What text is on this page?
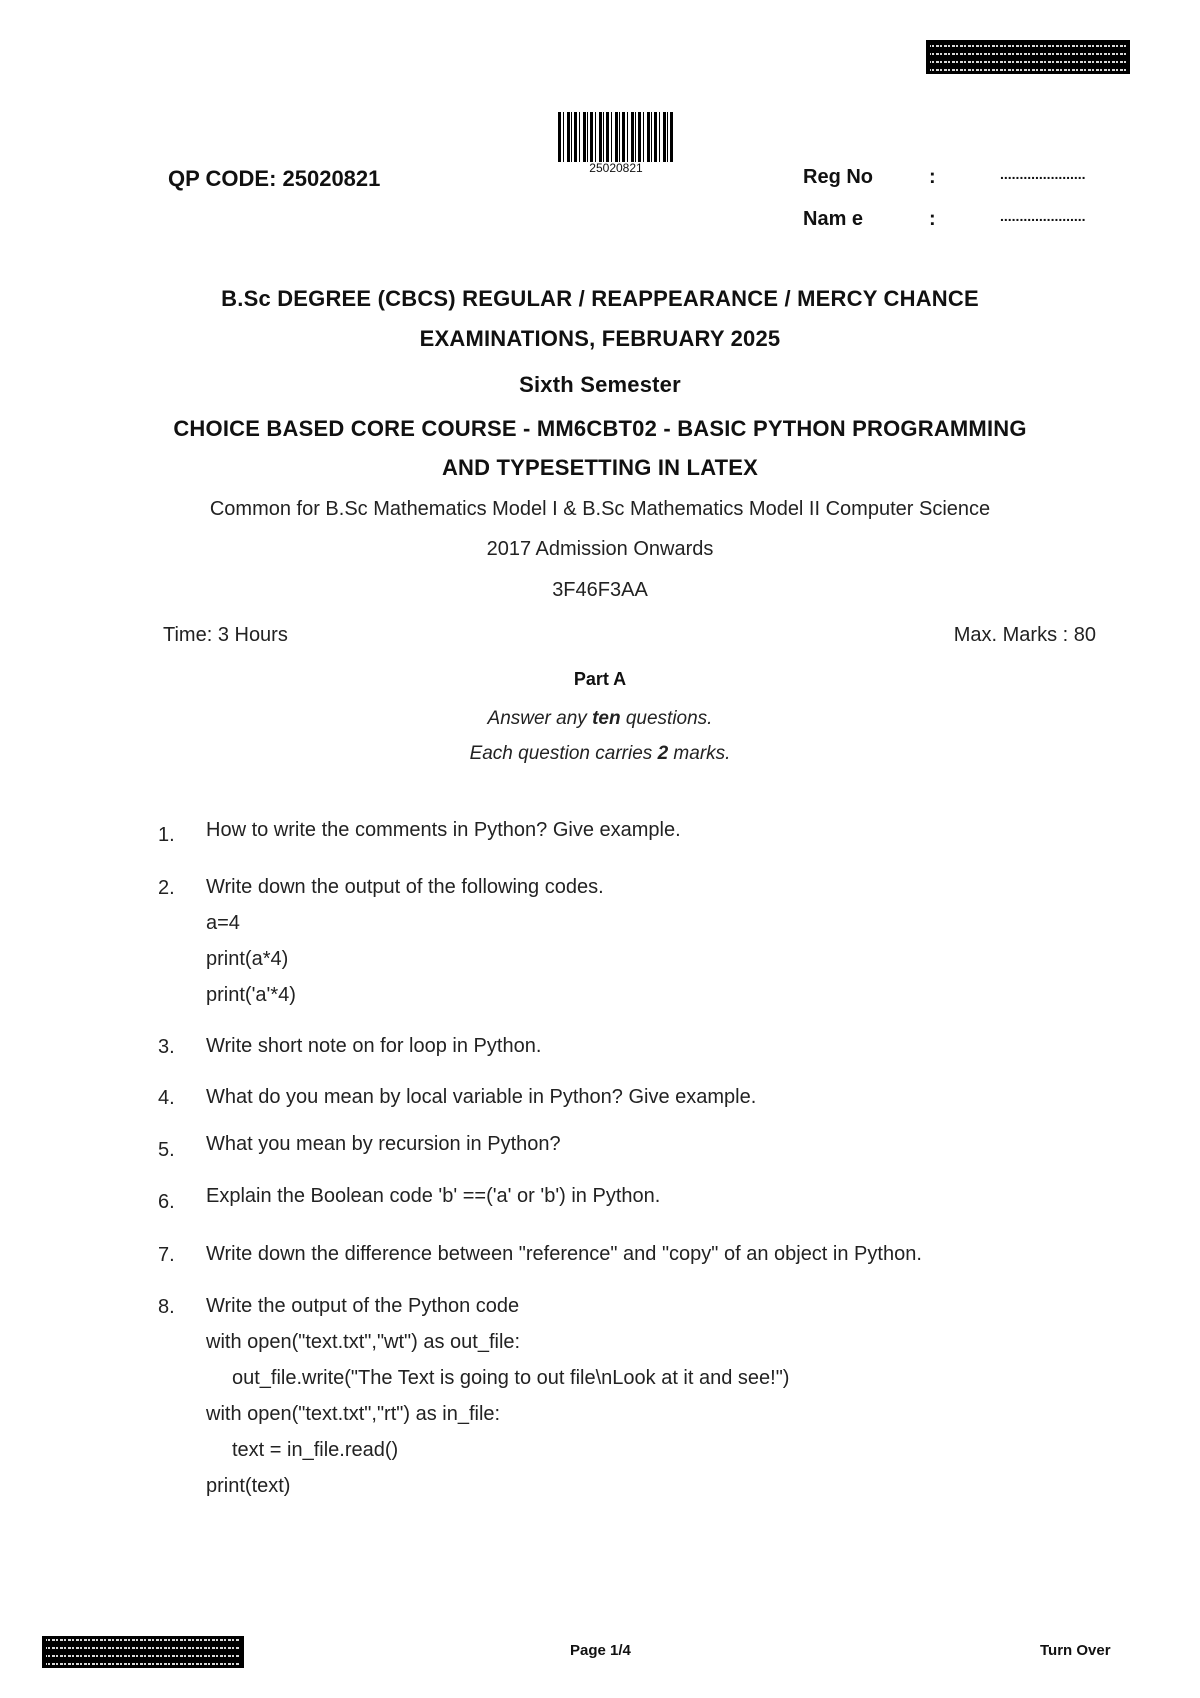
25020821
QP CODE: 25020821	Reg No	:	......................
Nam e	:	......................
B.Sc DEGREE (CBCS) REGULAR / REAPPEARANCE / MERCY CHANCE
EXAMINATIONS, FEBRUARY 2025
Sixth Semester
CHOICE BASED CORE COURSE - MM6CBT02 - BASIC PYTHON PROGRAMMING
AND TYPESETTING IN LATEX
Common for B.Sc Mathematics Model I & B.Sc Mathematics Model II Computer Science
2017 Admission Onwards
3F46F3AA
Time: 3 Hours	Max. Marks : 80
Part A
Answer any ten questions.
Each question carries 2 marks.
1. How to write the comments in Python? Give example.
2. Write down the output of the following codes.
a=4
print(a*4)
print('a'*4)
3. Write short note on for loop in Python.
4. What do you mean by local variable in Python? Give example.
5. What you mean by recursion in Python?
6. Explain the Boolean code 'b' ==('a' or 'b') in Python.
7. Write down the difference between "reference" and "copy" of an object in Python.
8. Write the output of the Python code
with open("text.txt","wt") as out_file:
out_file.write("The Text is going to out file\nLook at it and see!")
with open("text.txt","rt") as in_file:
text = in_file.read()
print(text)
Page 1/4	Turn Over
